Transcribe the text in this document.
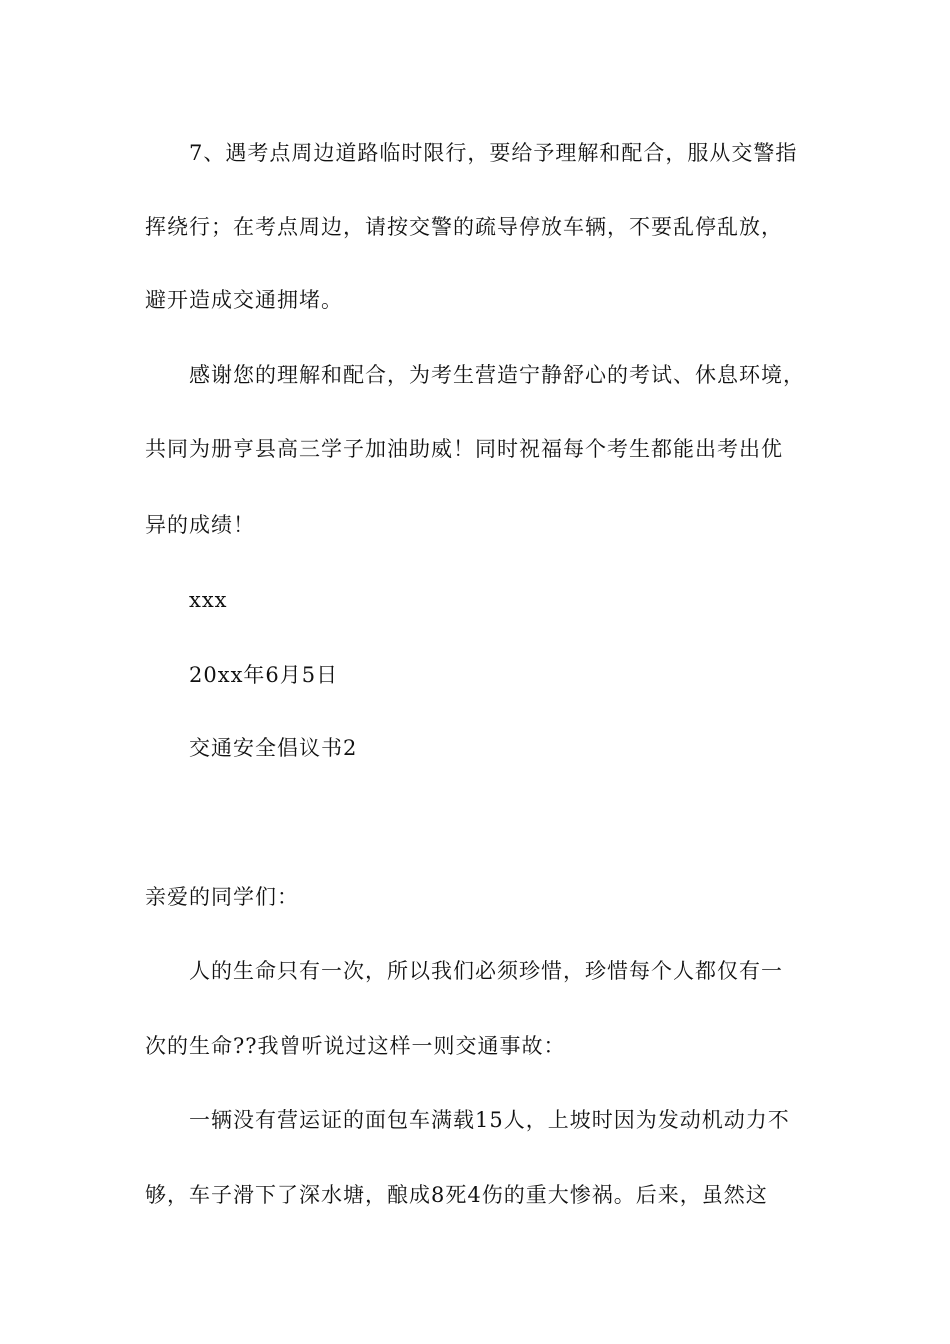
7、遇考点周边道路临时限行，要给予理解和配合，服从交警指
挥绕行；在考点周边，请按交警的疏导停放车辆，不要乱停乱放，
避开造成交通拥堵。
感谢您的理解和配合，为考生营造宁静舒心的考试、休息环境，
共同为册亨县高三学子加油助威！同时祝福每个考生都能出考出优
异的成绩！
xxx
20xx年6月5日
交通安全倡议书2
亲爱的同学们：
人的生命只有一次，所以我们必须珍惜，珍惜每个人都仅有一
次的生命??我曾听说过这样一则交通事故：
一辆没有营运证的面包车满载15人，上坡时因为发动机动力不
够，车子滑下了深水塘，酿成8死4伤的重大惨祸。后来，虽然这
